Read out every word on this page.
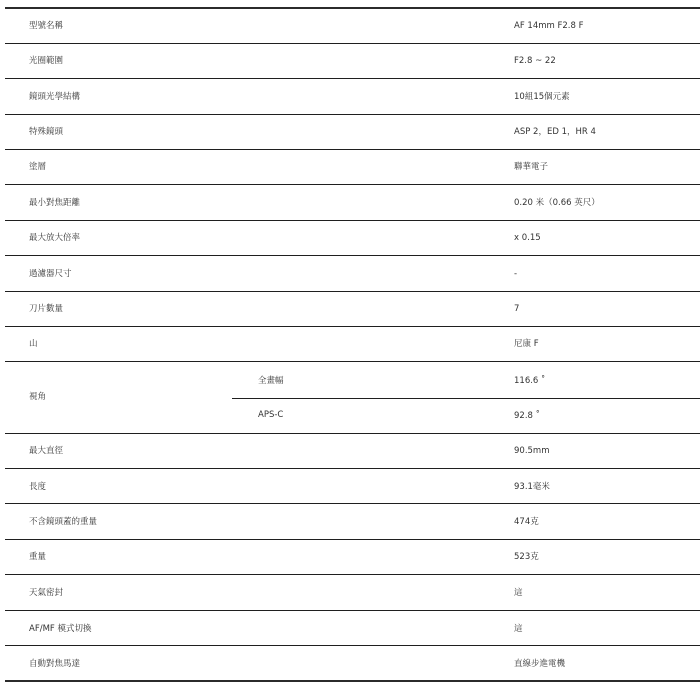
型號名稱	AF 14mm F2.8 F
光圈範圍	F2.8 ~ 22
鏡頭光學結構	10組15個元素
特殊鏡頭	ASP 2，ED 1，HR 4
塗層	聯華電子
最小對焦距離	0.20 米（0.66 英尺）
最大放大倍率	x 0.15
過濾器尺寸	-
刀片數量	7
山	尼康 F
視角
全畫幅	116.6 ˚
APS-C	92.8 ˚
最大直徑	90.5mm
長度	93.1毫米
不含鏡頭蓋的重量	474克
重量	523克
天氣密封	這
AF/MF 模式切換	這
自動對焦馬達	直線步進電機
